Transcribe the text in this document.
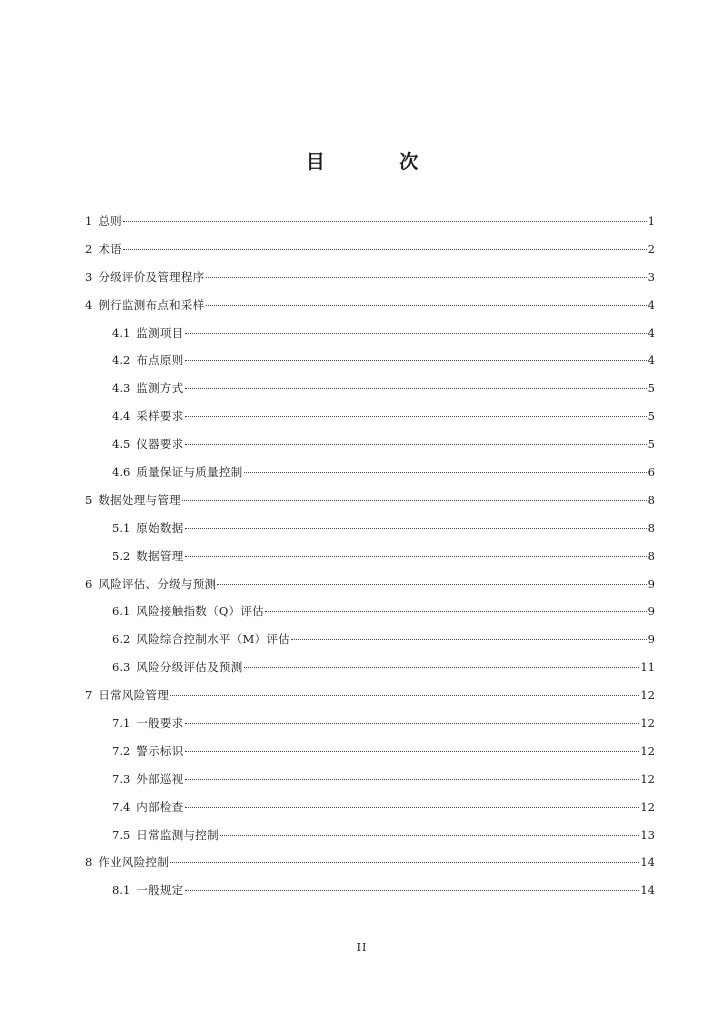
目 次
1 总则	1
2 术语	2
3 分级评价及管理程序	3
4 例行监测布点和采样	4
4.1 监测项目	4
4.2 布点原则	4
4.3 监测方式	5
4.4 采样要求	5
4.5 仪器要求	5
4.6 质量保证与质量控制	6
5 数据处理与管理	8
5.1 原始数据	8
5.2 数据管理	8
6 风险评估、分级与预测	9
6.1 风险接触指数（Q）评估	9
6.2 风险综合控制水平（M）评估	9
6.3 风险分级评估及预测	11
7 日常风险管理	12
7.1 一般要求	12
7.2 警示标识	12
7.3 外部巡视	12
7.4 内部检查	12
7.5 日常监测与控制	13
8 作业风险控制	14
8.1 一般规定	14
II
